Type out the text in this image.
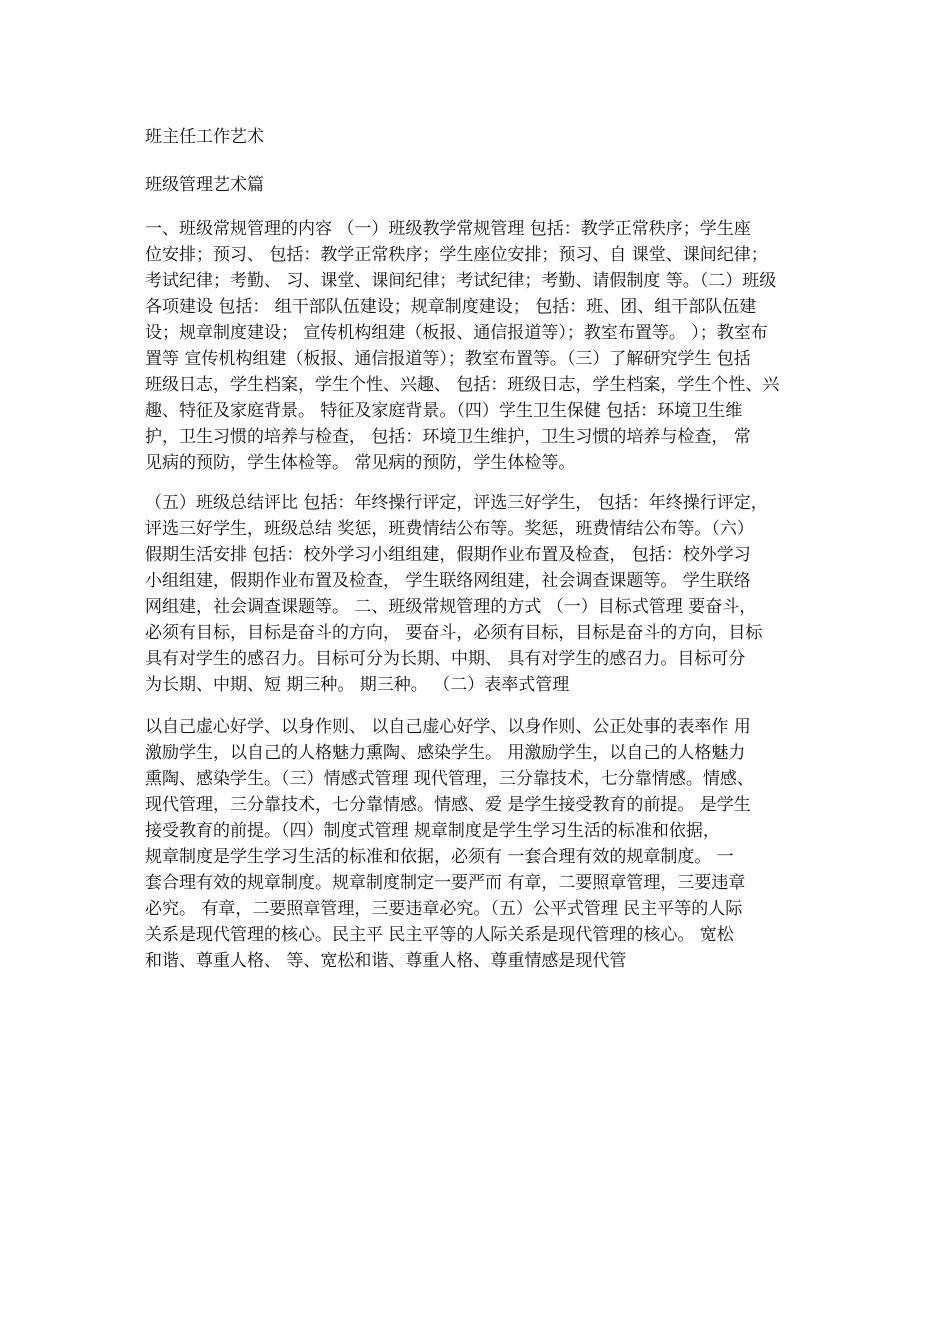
班主任工作艺术
班级管理艺术篇
一、班级常规管理的内容 （一）班级教学常规管理 包括：教学正常秩序；学生座
位安排；预习、 包括：教学正常秩序；学生座位安排；预习、自 课堂、课间纪律；
考试纪律；考勤、 习、课堂、课间纪律；考试纪律；考勤、请假制度 等。（二）班级
各项建设 包括： 组干部队伍建设；规章制度建设； 包括：班、团、组干部队伍建
设；规章制度建设； 宣传机构组建（板报、通信报道等）；教室布置等。 ）；教室布
置等 宣传机构组建（板报、通信报道等）；教室布置等。（三）了解研究学生 包括
班级日志，学生档案，学生个性、兴趣、 包括：班级日志，学生档案，学生个性、兴
趣、特征及家庭背景。 特征及家庭背景。（四）学生卫生保健 包括：环境卫生维
护，卫生习惯的培养与检查， 包括：环境卫生维护，卫生习惯的培养与检查， 常
见病的预防，学生体检等。 常见病的预防，学生体检等。
（五）班级总结评比 包括：年终操行评定，评选三好学生， 包括：年终操行评定，
评选三好学生，班级总结 奖惩，班费情结公布等。奖惩，班费情结公布等。（六）
假期生活安排 包括：校外学习小组组建，假期作业布置及检查， 包括：校外学习
小组组建，假期作业布置及检查， 学生联络网组建，社会调查课题等。 学生联络
网组建，社会调查课题等。 二、班级常规管理的方式 （一）目标式管理 要奋斗，
必须有目标，目标是奋斗的方向， 要奋斗，必须有目标，目标是奋斗的方向，目标
具有对学生的感召力。目标可分为长期、中期、 具有对学生的感召力。目标可分
为长期、中期、短 期三种。 期三种。 （二）表率式管理
以自己虚心好学、以身作则、 以自己虚心好学、以身作则、公正处事的表率作 用
激励学生，以自己的人格魅力熏陶、感染学生。 用激励学生，以自己的人格魅力
熏陶、感染学生。（三）情感式管理 现代管理，三分靠技术，七分靠情感。情感、
现代管理，三分靠技术，七分靠情感。情感、爱 是学生接受教育的前提。 是学生
接受教育的前提。（四）制度式管理 规章制度是学生学习生活的标准和依据，
规章制度是学生学习生活的标准和依据，必须有 一套合理有效的规章制度。 一
套合理有效的规章制度。规章制度制定一要严而 有章，二要照章管理，三要违章
必究。 有章，二要照章管理，三要违章必究。（五）公平式管理 民主平等的人际
关系是现代管理的核心。民主平 民主平等的人际关系是现代管理的核心。 宽松
和谐、尊重人格、 等、宽松和谐、尊重人格、尊重情感是现代管
